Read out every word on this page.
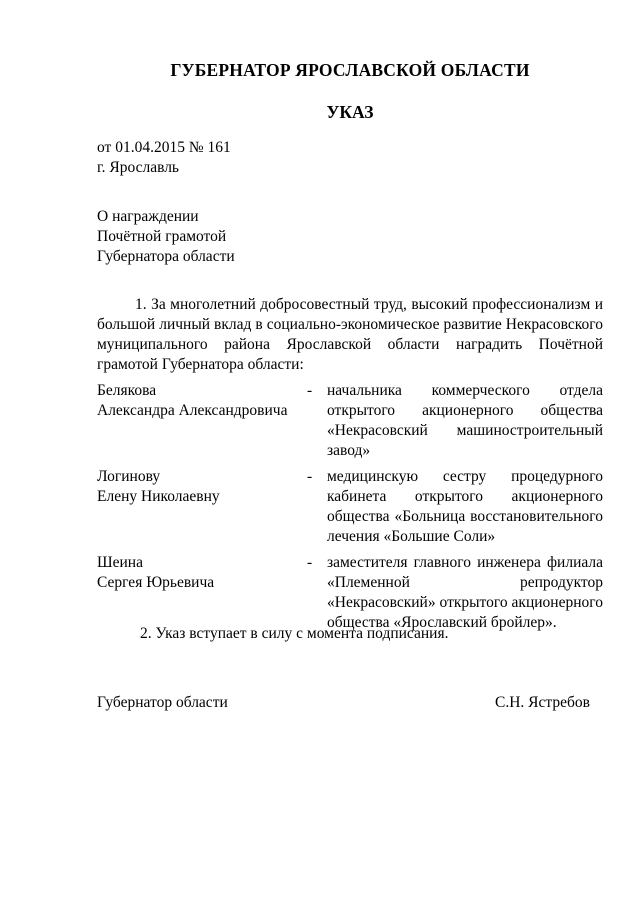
ГУБЕРНАТОР ЯРОСЛАВСКОЙ ОБЛАСТИ
УКАЗ
от 01.04.2015 № 161
г. Ярославль
О награждении
Почётной грамотой
Губернатора области
1. За многолетний добросовестный труд, высокий профессионализм и большой личный вклад в социально-экономическое развитие Некрасовского муниципального района Ярославской области наградить Почётной грамотой Губернатора области:
Белякова
Александра Александровича
- начальника коммерческого отдела открытого акционерного общества «Некрасовский машиностроительный завод»
Логинову
Елену Николаевну
- медицинскую сестру процедурного кабинета открытого акционерного общества «Больница восстановительного лечения «Большие Соли»
Шеина
Сергея Юрьевича
- заместителя главного инженера филиала «Племенной репродуктор «Некрасовский» открытого акционерного общества «Ярославский бройлер».
2. Указ вступает в силу с момента подписания.
Губернатор области	С.Н. Ястребов
